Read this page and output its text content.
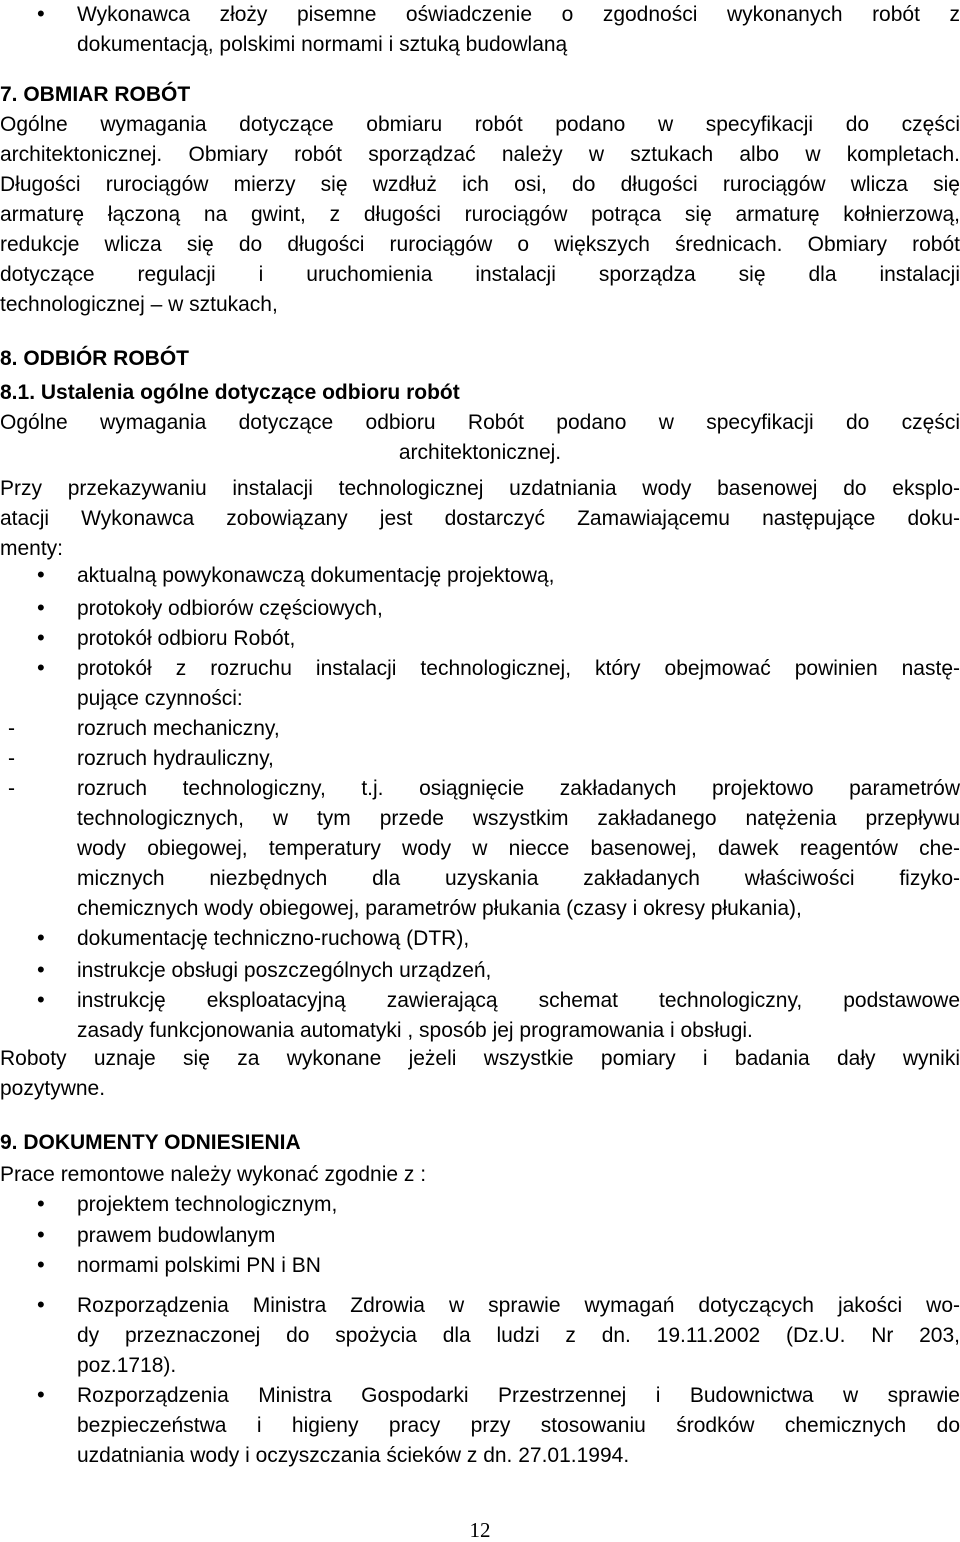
• Wykonawca złoży pisemne oświadczenie o zgodności wykonanych robót z
dokumentacją, polskimi normami i sztuką budowlaną
7. OBMIAR ROBÓT
Ogólne wymagania dotyczące obmiaru robót podano w specyfikacji do części
architektonicznej. Obmiary robót sporządzać należy w sztukach albo w kompletach.
Długości rurociągów mierzy się wzdłuż ich osi, do długości rurociągów wlicza się
armaturę łączoną na gwint, z długości rurociągów potrąca się armaturę kołnierzową,
redukcje wlicza się do długości rurociągów o większych średnicach. Obmiary robót
dotyczące regulacji i uruchomienia instalacji sporządza się dla instalacji
technologicznej – w sztukach,
8. ODBIÓR ROBÓT
8.1. Ustalenia ogólne dotyczące odbioru robót
Ogólne wymagania dotyczące odbioru Robót podano w specyfikacji do części
architektonicznej.
Przy przekazywaniu instalacji technologicznej uzdatniania wody basenowej do eksplo-
atacji Wykonawca zobowiązany jest dostarczyć Zamawiającemu następujące doku-
menty:
• aktualną powykonawczą dokumentację projektową,
• protokoły odbiorów częściowych,
• protokół odbioru Robót,
• protokół z rozruchu instalacji technologicznej, który obejmować powinien nastę-
pujące czynności:
-	rozruch mechaniczny,
-	rozruch hydrauliczny,
-	rozruch technologiczny, t.j. osiągnięcie zakładanych projektowo parametrów
technologicznych, w tym przede wszystkim zakładanego natężenia przepływu
wody obiegowej, temperatury wody w niecce basenowej, dawek reagentów che-
micznych niezbędnych dla uzyskania zakładanych właściwości fizyko-
chemicznych wody obiegowej, parametrów płukania (czasy i okresy płukania),
• dokumentację techniczno-ruchową (DTR),
• instrukcje obsługi poszczególnych urządzeń,
• instrukcję eksploatacyjną zawierającą schemat technologiczny, podstawowe
zasady funkcjonowania automatyki , sposób jej programowania i obsługi.
Roboty uznaje się za wykonane jeżeli wszystkie pomiary i badania dały wyniki
pozytywne.
9. DOKUMENTY ODNIESIENIA
Prace remontowe należy wykonać zgodnie z :
• projektem technologicznym,
• prawem budowlanym
• normami polskimi PN i BN
• Rozporządzenia Ministra Zdrowia w sprawie wymagań dotyczących jakości wo-
dy przeznaczonej do spożycia dla ludzi z dn. 19.11.2002 (Dz.U. Nr 203,
poz.1718).
• Rozporządzenia Ministra Gospodarki Przestrzennej i Budownictwa w sprawie
bezpieczeństwa i higieny pracy przy stosowaniu środków chemicznych do
uzdatniania wody i oczyszczania ścieków z dn. 27.01.1994.
12
